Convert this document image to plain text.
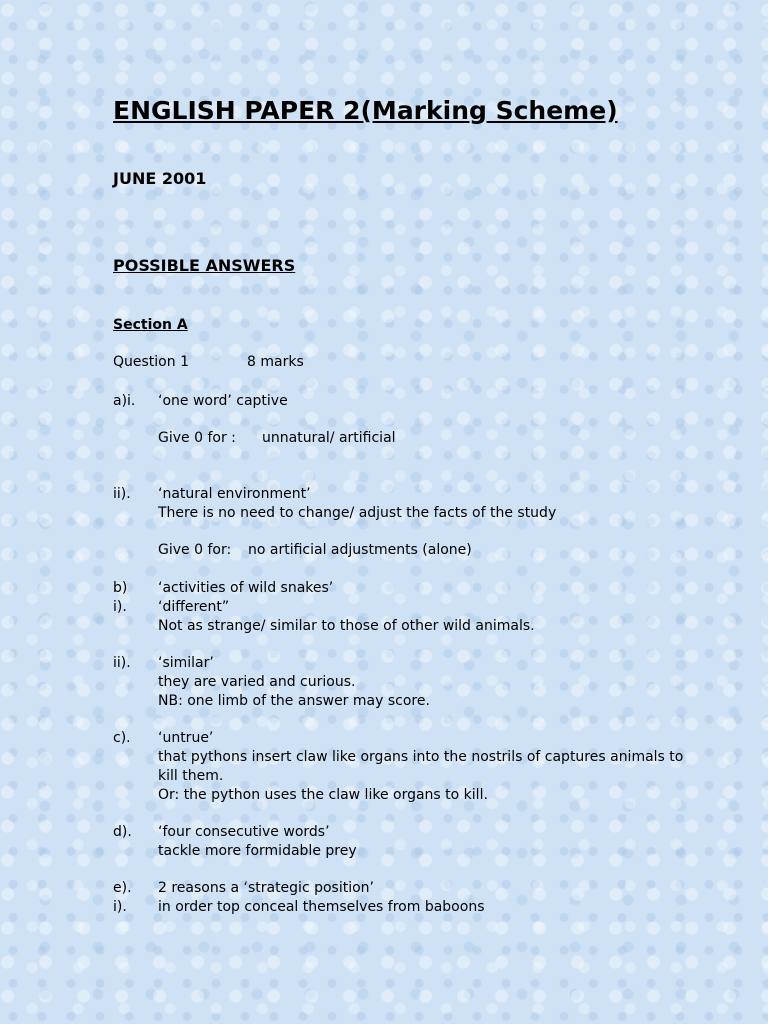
ENGLISH PAPER 2(Marking Scheme)
JUNE 2001
POSSIBLE ANSWERS
Section A
Question 1	8 marks
a)i. ‘one word’ captive
Give 0 for : unnatural/ artificial
ii). ‘natural environment’
There is no need to change/ adjust the facts of the study
Give 0 for: no artificial adjustments (alone)
b) ‘activities of wild snakes’
i). ‘different”
Not as strange/ similar to those of other wild animals.
ii). ‘similar’
they are varied and curious.
NB: one limb of the answer may score.
c). ‘untrue’
that pythons insert claw like organs into the nostrils of captures animals to
kill them.
Or: the python uses the claw like organs to kill.
d). ‘four consecutive words’
tackle more formidable prey
e). 2 reasons a ‘strategic position’
i). in order top conceal themselves from baboons
